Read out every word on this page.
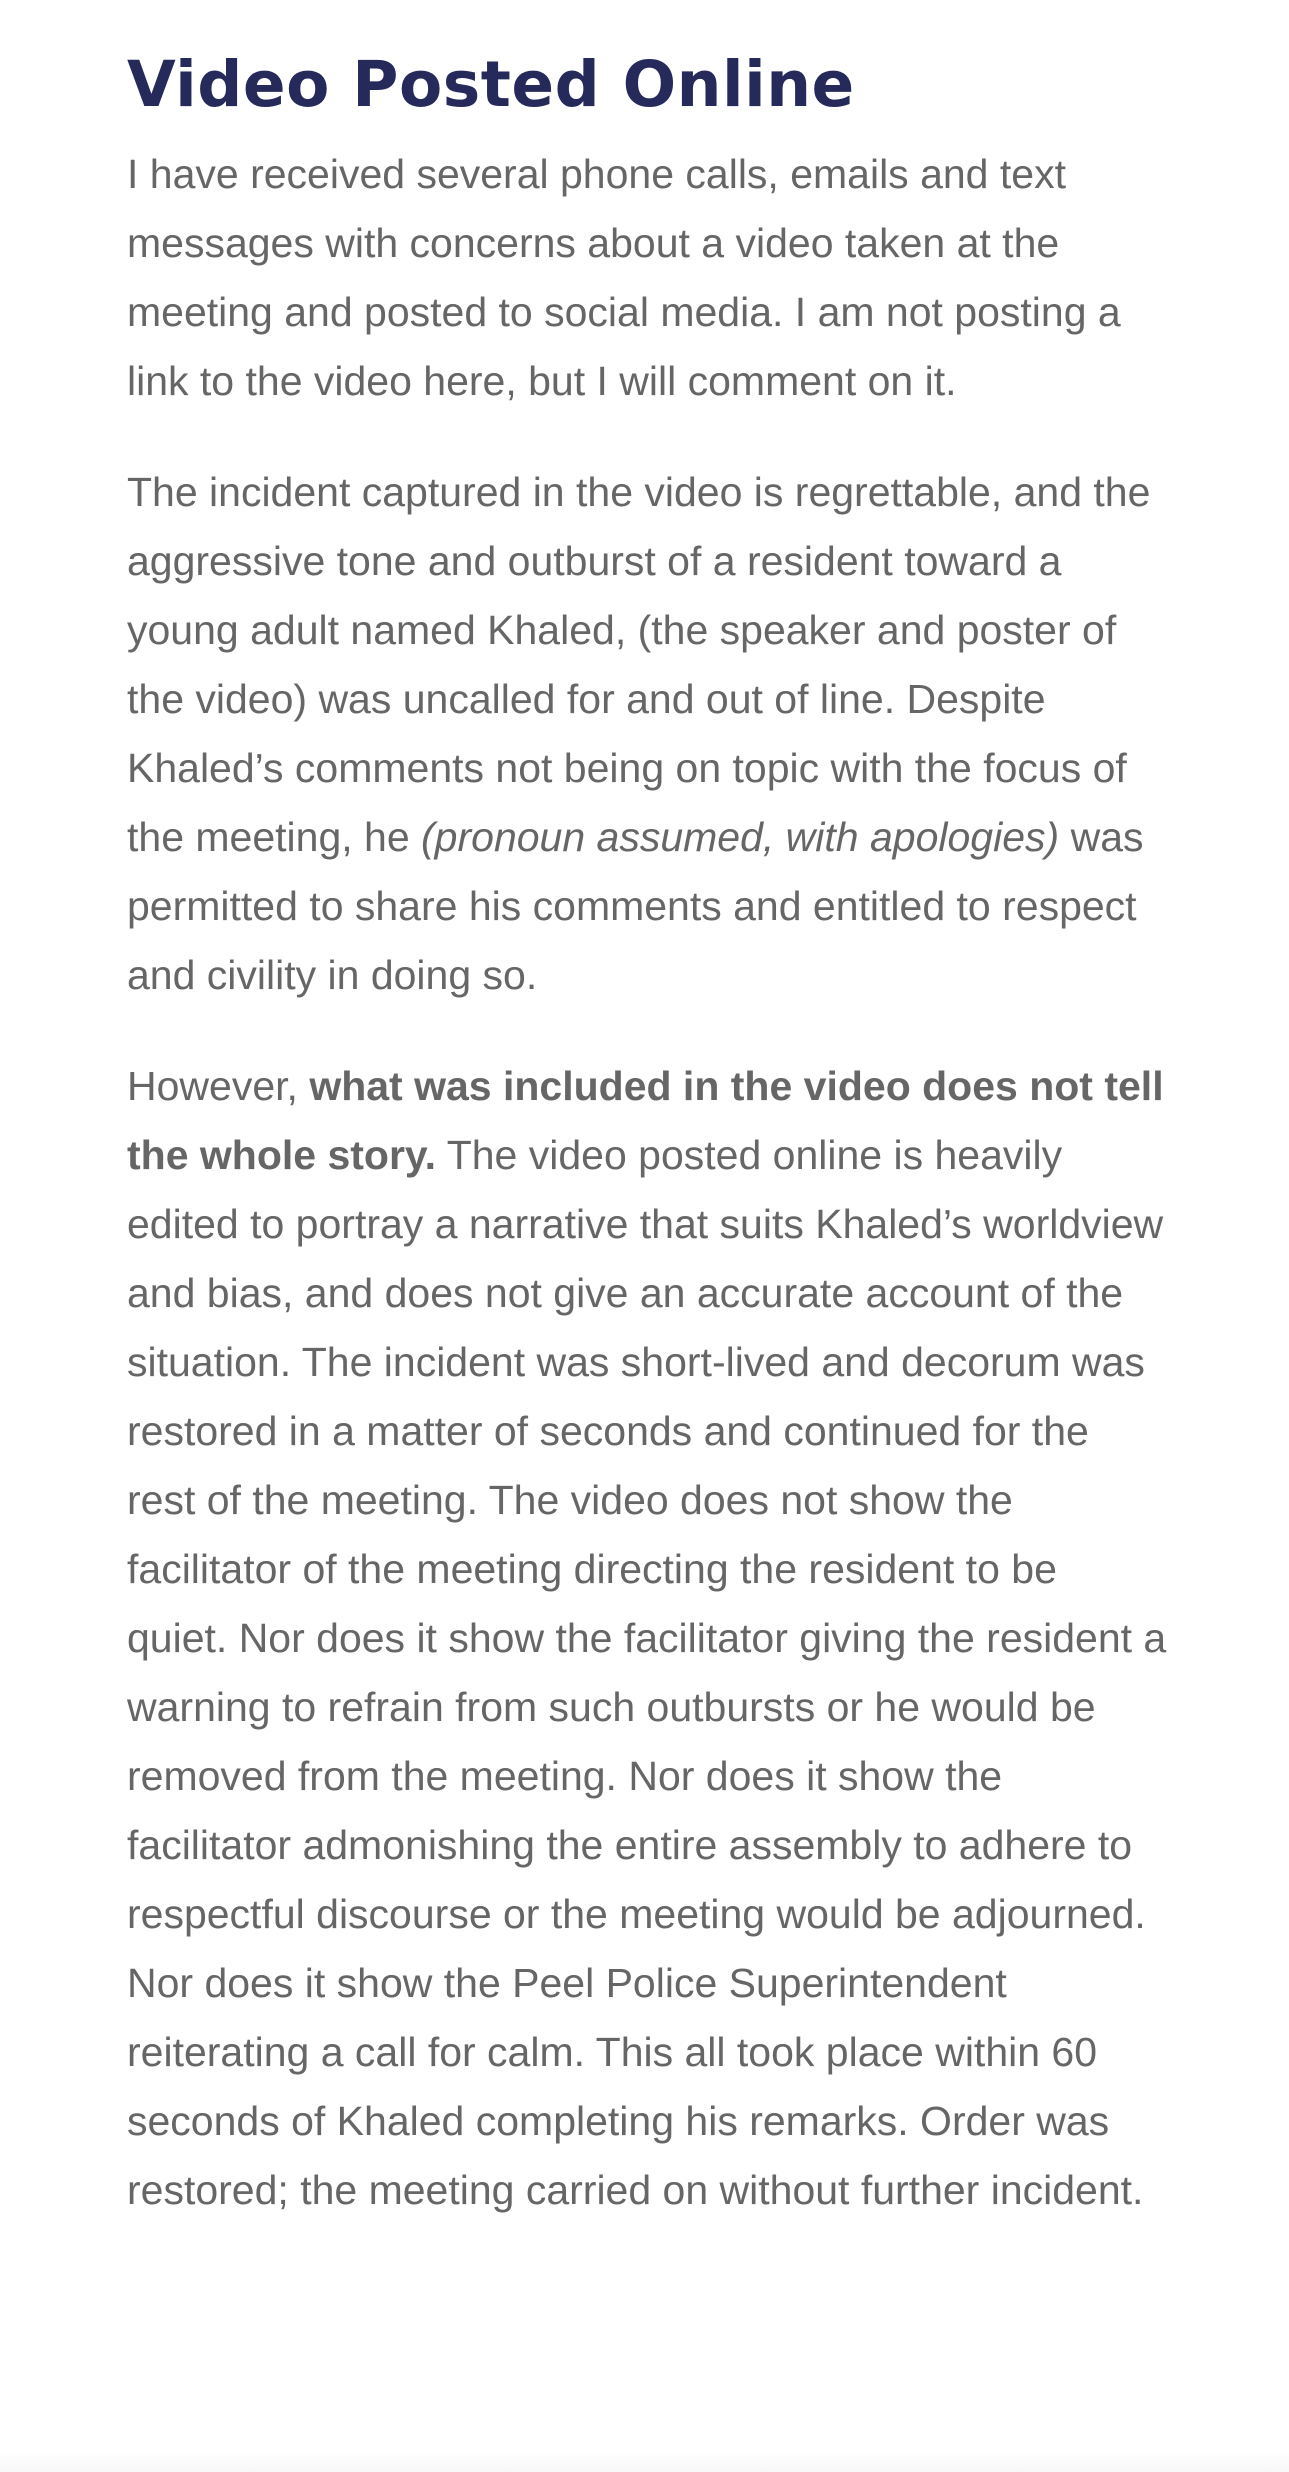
Video Posted Online

I have received several phone calls, emails and text messages with concerns about a video taken at the meeting and posted to social media. I am not posting a link to the video here, but I will comment on it.

The incident captured in the video is regrettable, and the aggressive tone and outburst of a resident toward a young adult named Khaled, (the speaker and poster of the video) was uncalled for and out of line. Despite Khaled’s comments not being on topic with the focus of the meeting, he (pronoun assumed, with apologies) was permitted to share his comments and entitled to respect and civility in doing so.

However, what was included in the video does not tell the whole story. The video posted online is heavily edited to portray a narrative that suits Khaled’s worldview and bias, and does not give an accurate account of the situation. The incident was short-lived and decorum was restored in a matter of seconds and continued for the rest of the meeting. The video does not show the facilitator of the meeting directing the resident to be quiet. Nor does it show the facilitator giving the resident a warning to refrain from such outbursts or he would be removed from the meeting. Nor does it show the facilitator admonishing the entire assembly to adhere to respectful discourse or the meeting would be adjourned. Nor does it show the Peel Police Superintendent reiterating a call for calm. This all took place within 60 seconds of Khaled completing his remarks. Order was restored; the meeting carried on without further incident.
